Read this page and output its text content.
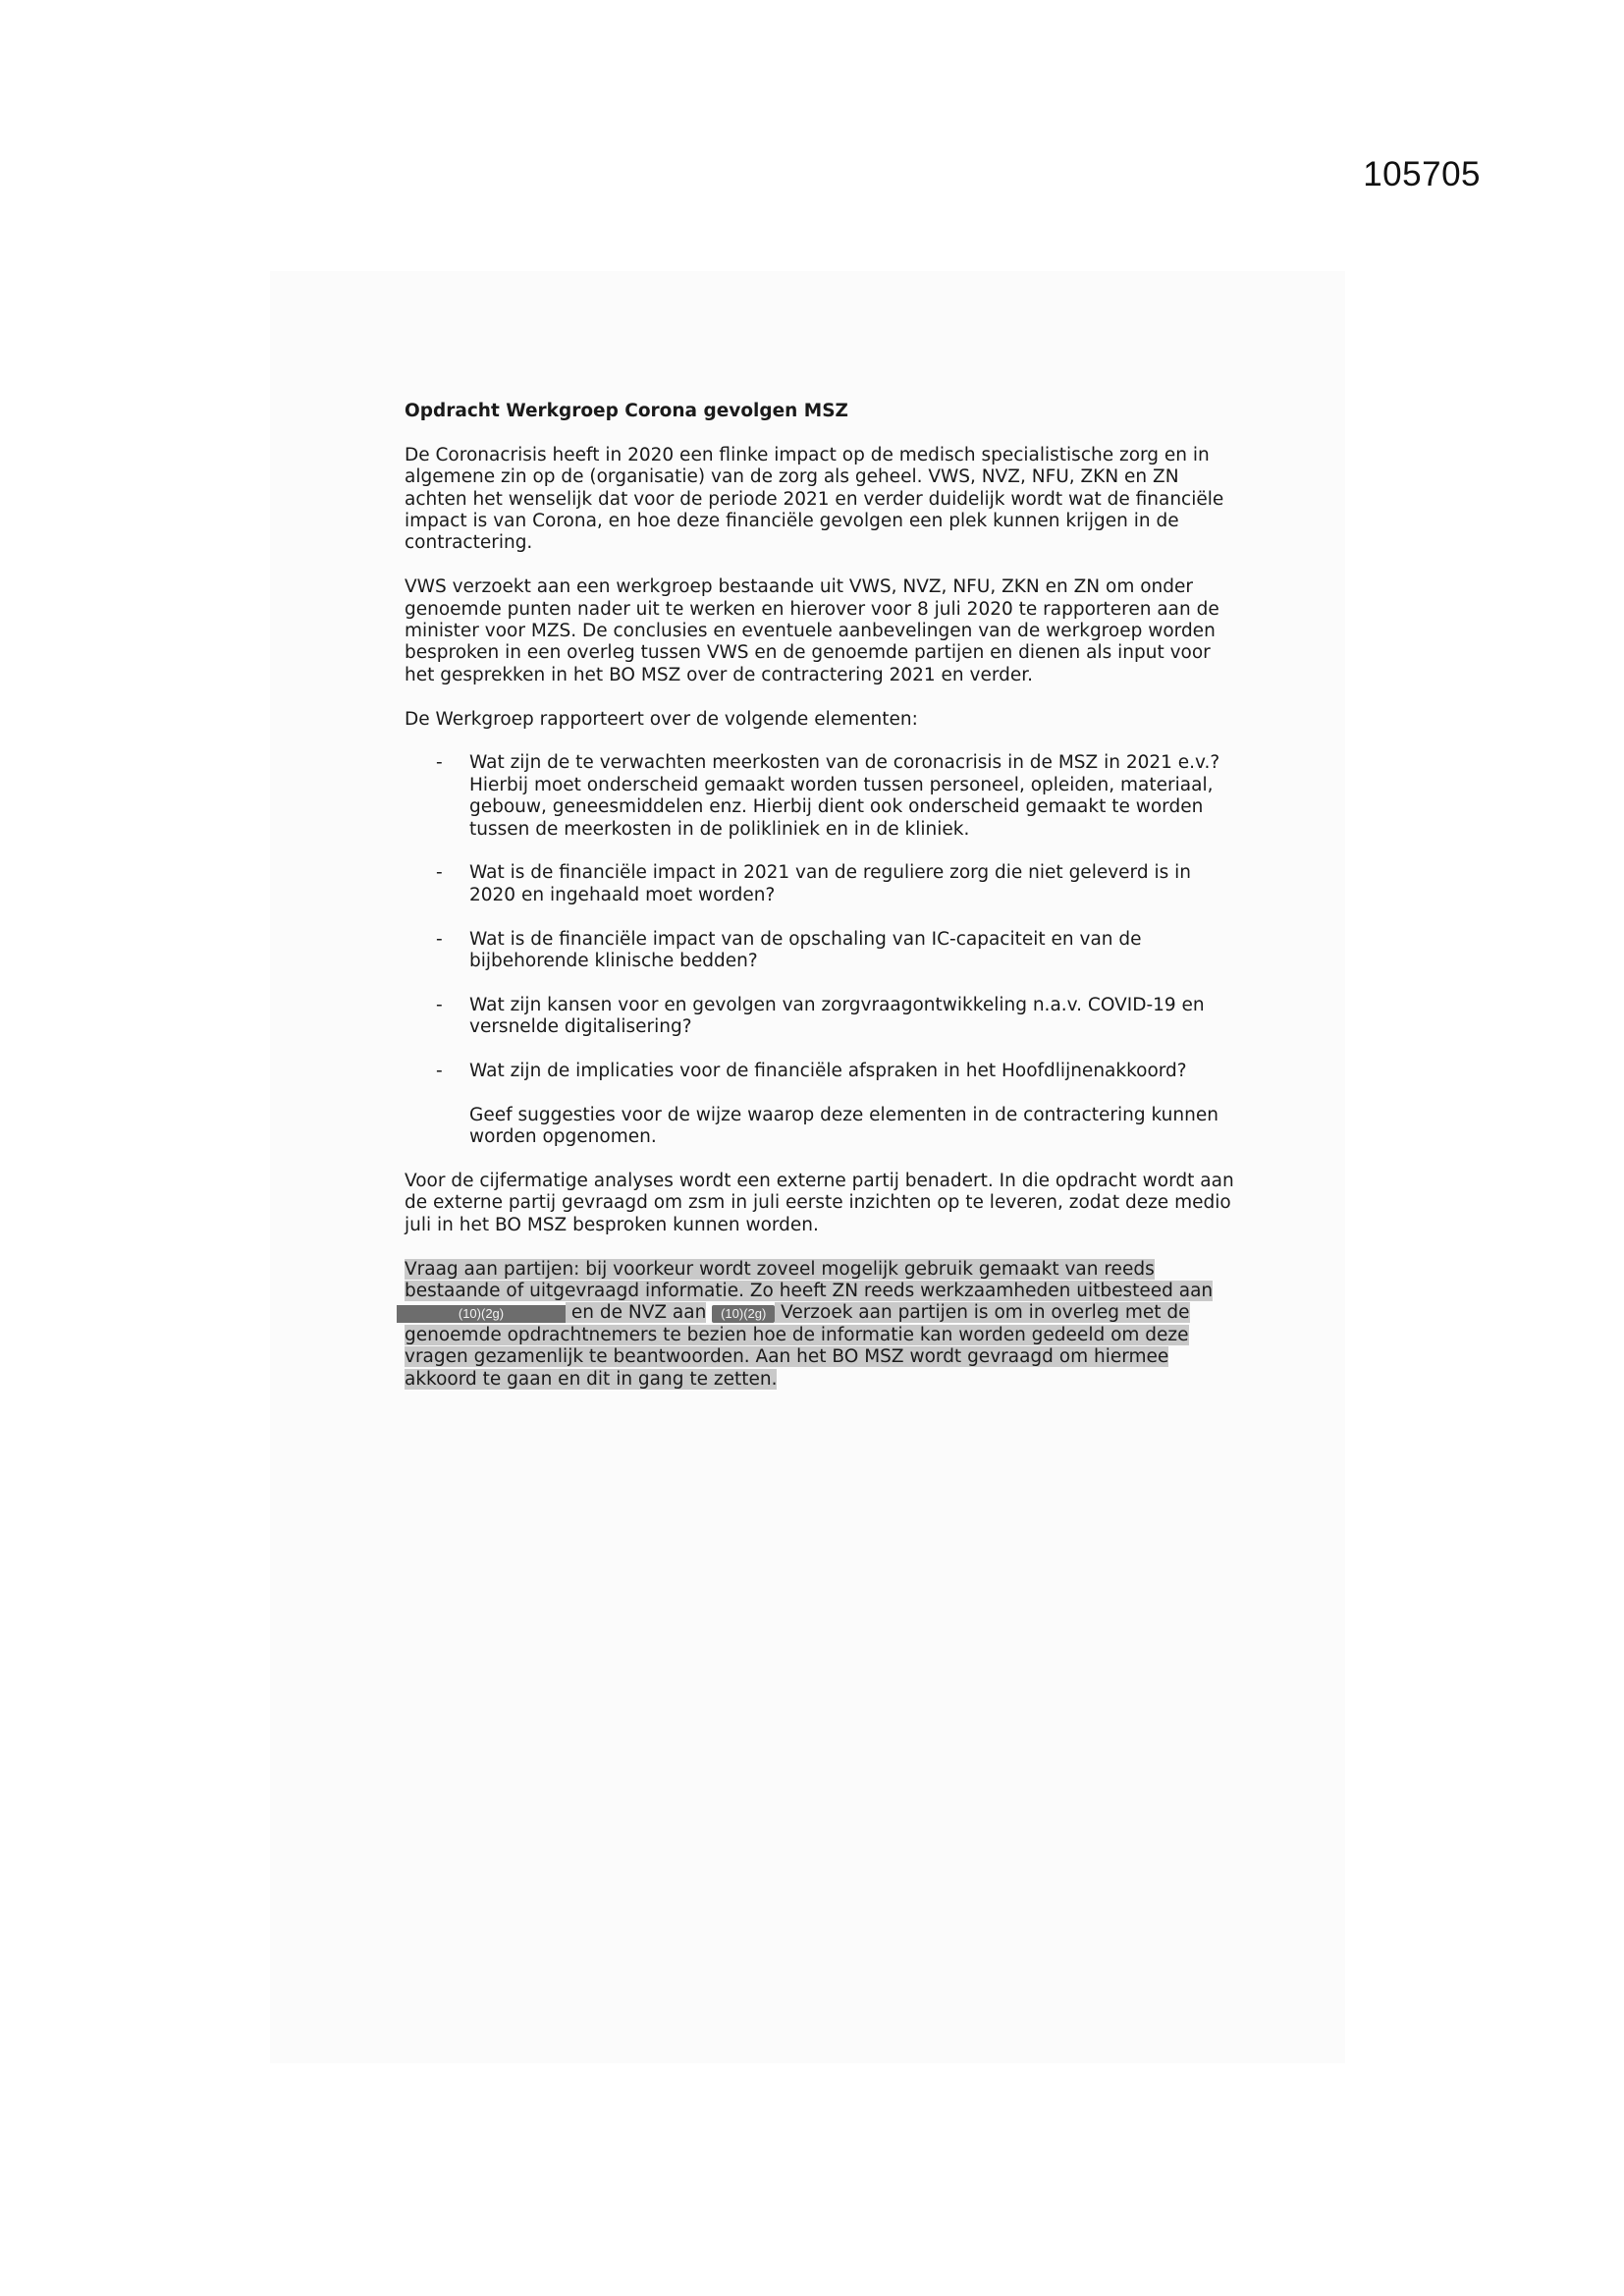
105705

Opdracht Werkgroep Corona gevolgen MSZ

De Coronacrisis heeft in 2020 een flinke impact op de medisch specialistische zorg en in algemene zin op de (organisatie) van de zorg als geheel. VWS, NVZ, NFU, ZKN en ZN achten het wenselijk dat voor de periode 2021 en verder duidelijk wordt wat de financiële impact is van Corona, en hoe deze financiële gevolgen een plek kunnen krijgen in de contractering.

VWS verzoekt aan een werkgroep bestaande uit VWS, NVZ, NFU, ZKN en ZN om onder genoemde punten nader uit te werken en hierover voor 8 juli 2020 te rapporteren aan de minister voor MZS. De conclusies en eventuele aanbevelingen van de werkgroep worden besproken in een overleg tussen VWS en de genoemde partijen en dienen als input voor het gesprekken in het BO MSZ over de contractering 2021 en verder.

De Werkgroep rapporteert over de volgende elementen:

- Wat zijn de te verwachten meerkosten van de coronacrisis in de MSZ in 2021 e.v.? Hierbij moet onderscheid gemaakt worden tussen personeel, opleiden, materiaal, gebouw, geneesmiddelen enz. Hierbij dient ook onderscheid gemaakt te worden tussen de meerkosten in de polikliniek en in de kliniek.
- Wat is de financiële impact in 2021 van de reguliere zorg die niet geleverd is in 2020 en ingehaald moet worden?
- Wat is de financiële impact van de opschaling van IC-capaciteit en van de bijbehorende klinische bedden?
- Wat zijn kansen voor en gevolgen van zorgvraagontwikkeling n.a.v. COVID-19 en versnelde digitalisering?
- Wat zijn de implicaties voor de financiële afspraken in het Hoofdlijnenakkoord?

Geef suggesties voor de wijze waarop deze elementen in de contractering kunnen worden opgenomen.

Voor de cijfermatige analyses wordt een externe partij benadert. In die opdracht wordt aan de externe partij gevraagd om zsm in juli eerste inzichten op te leveren, zodat deze medio juli in het BO MSZ besproken kunnen worden.

Vraag aan partijen: bij voorkeur wordt zoveel mogelijk gebruik gemaakt van reeds bestaande of uitgevraagd informatie. Zo heeft ZN reeds werkzaamheden uitbesteed aan (10)(2g)	en de NVZ aan (10)(2g) Verzoek aan partijen is om in overleg met de genoemde opdrachtnemers te bezien hoe de informatie kan worden gedeeld om deze vragen gezamenlijk te beantwoorden. Aan het BO MSZ wordt gevraagd om hiermee akkoord te gaan en dit in gang te zetten.
